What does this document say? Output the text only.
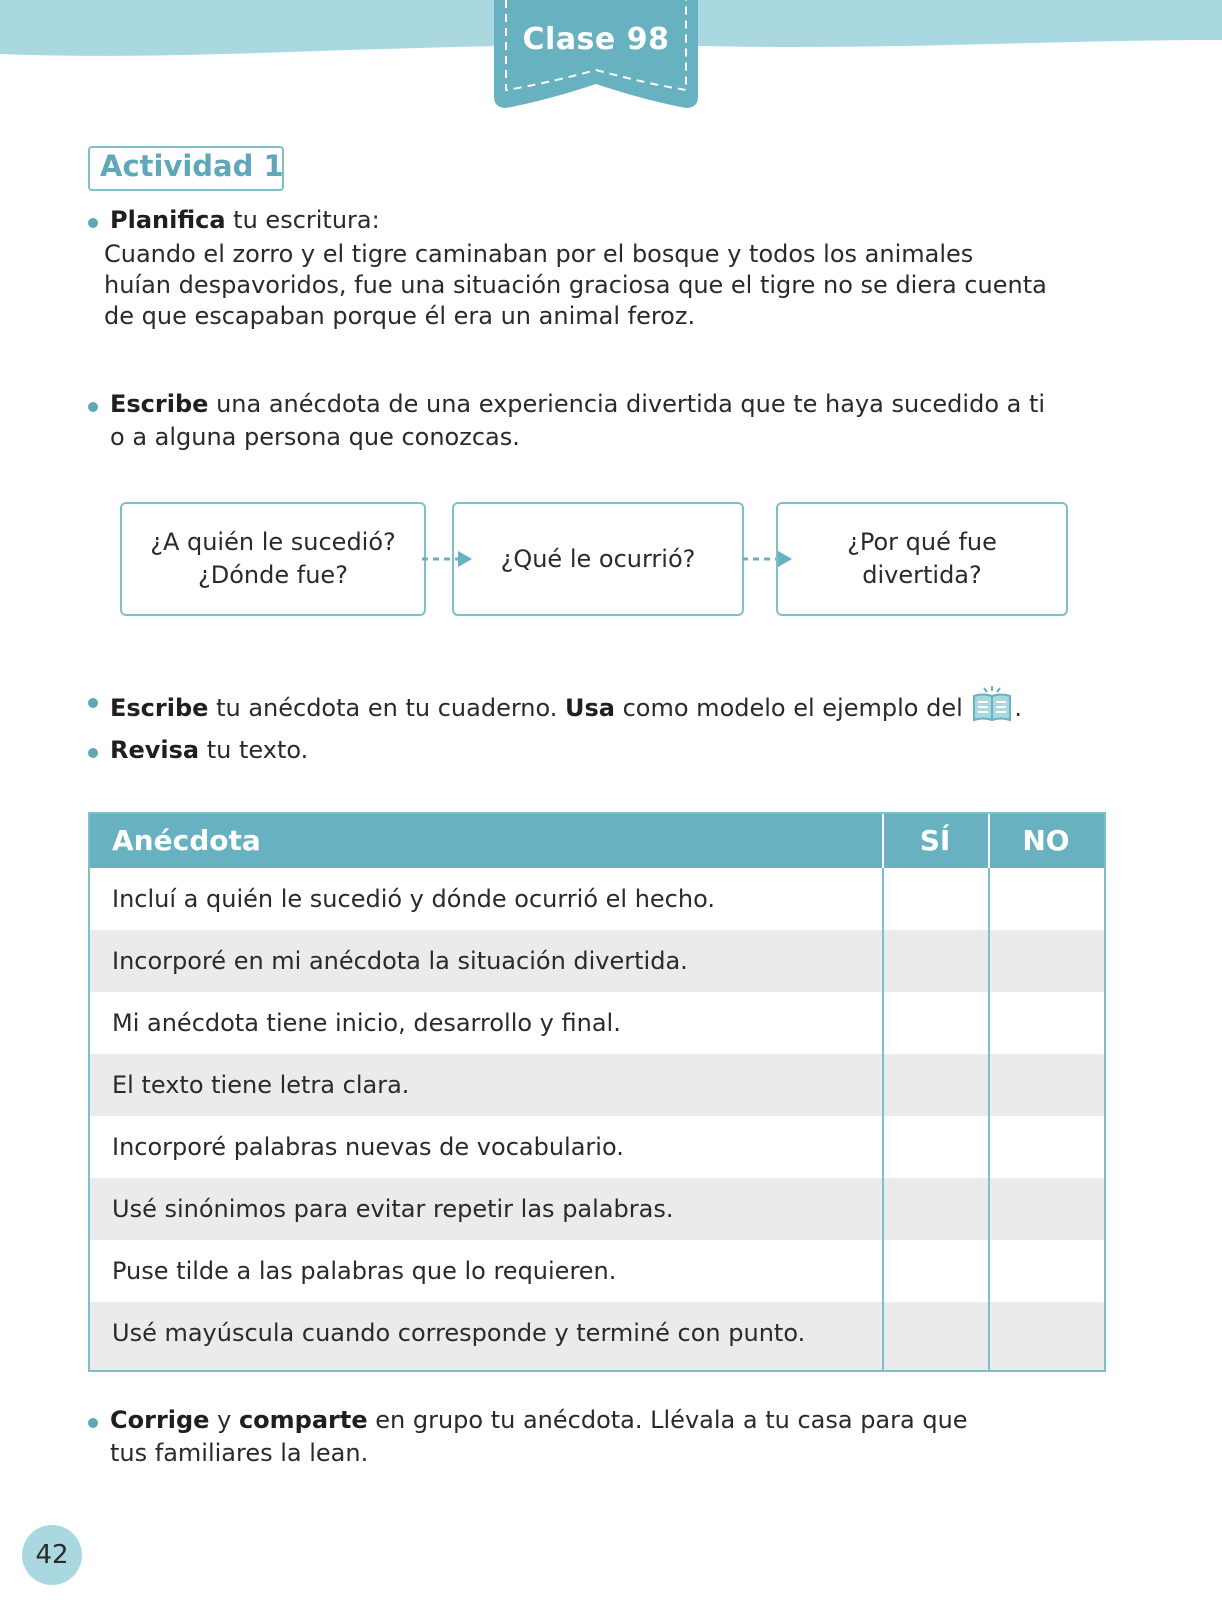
Clase 98
Actividad 1
Planifica tu escritura:
Cuando el zorro y el tigre caminaban por el bosque y todos los animales
huían despavoridos, fue una situación graciosa que el tigre no se diera cuenta
de que escapaban porque él era un animal feroz.
Escribe una anécdota de una experiencia divertida que te haya sucedido a ti
o a alguna persona que conozcas.
¿A quién le sucedió?
¿Dónde fue?
¿Qué le ocurrió?
¿Por qué fue
divertida?
Escribe tu anécdota en tu cuaderno. Usa como modelo el ejemplo del .
Revisa tu texto.
Anécdota	SÍ	NO
Incluí a quién le sucedió y dónde ocurrió el hecho.
Incorporé en mi anécdota la situación divertida.
Mi anécdota tiene inicio, desarrollo y final.
El texto tiene letra clara.
Incorporé palabras nuevas de vocabulario.
Usé sinónimos para evitar repetir las palabras.
Puse tilde a las palabras que lo requieren.
Usé mayúscula cuando corresponde y terminé con punto.
Corrige y comparte en grupo tu anécdota. Llévala a tu casa para que
tus familiares la lean.
42
